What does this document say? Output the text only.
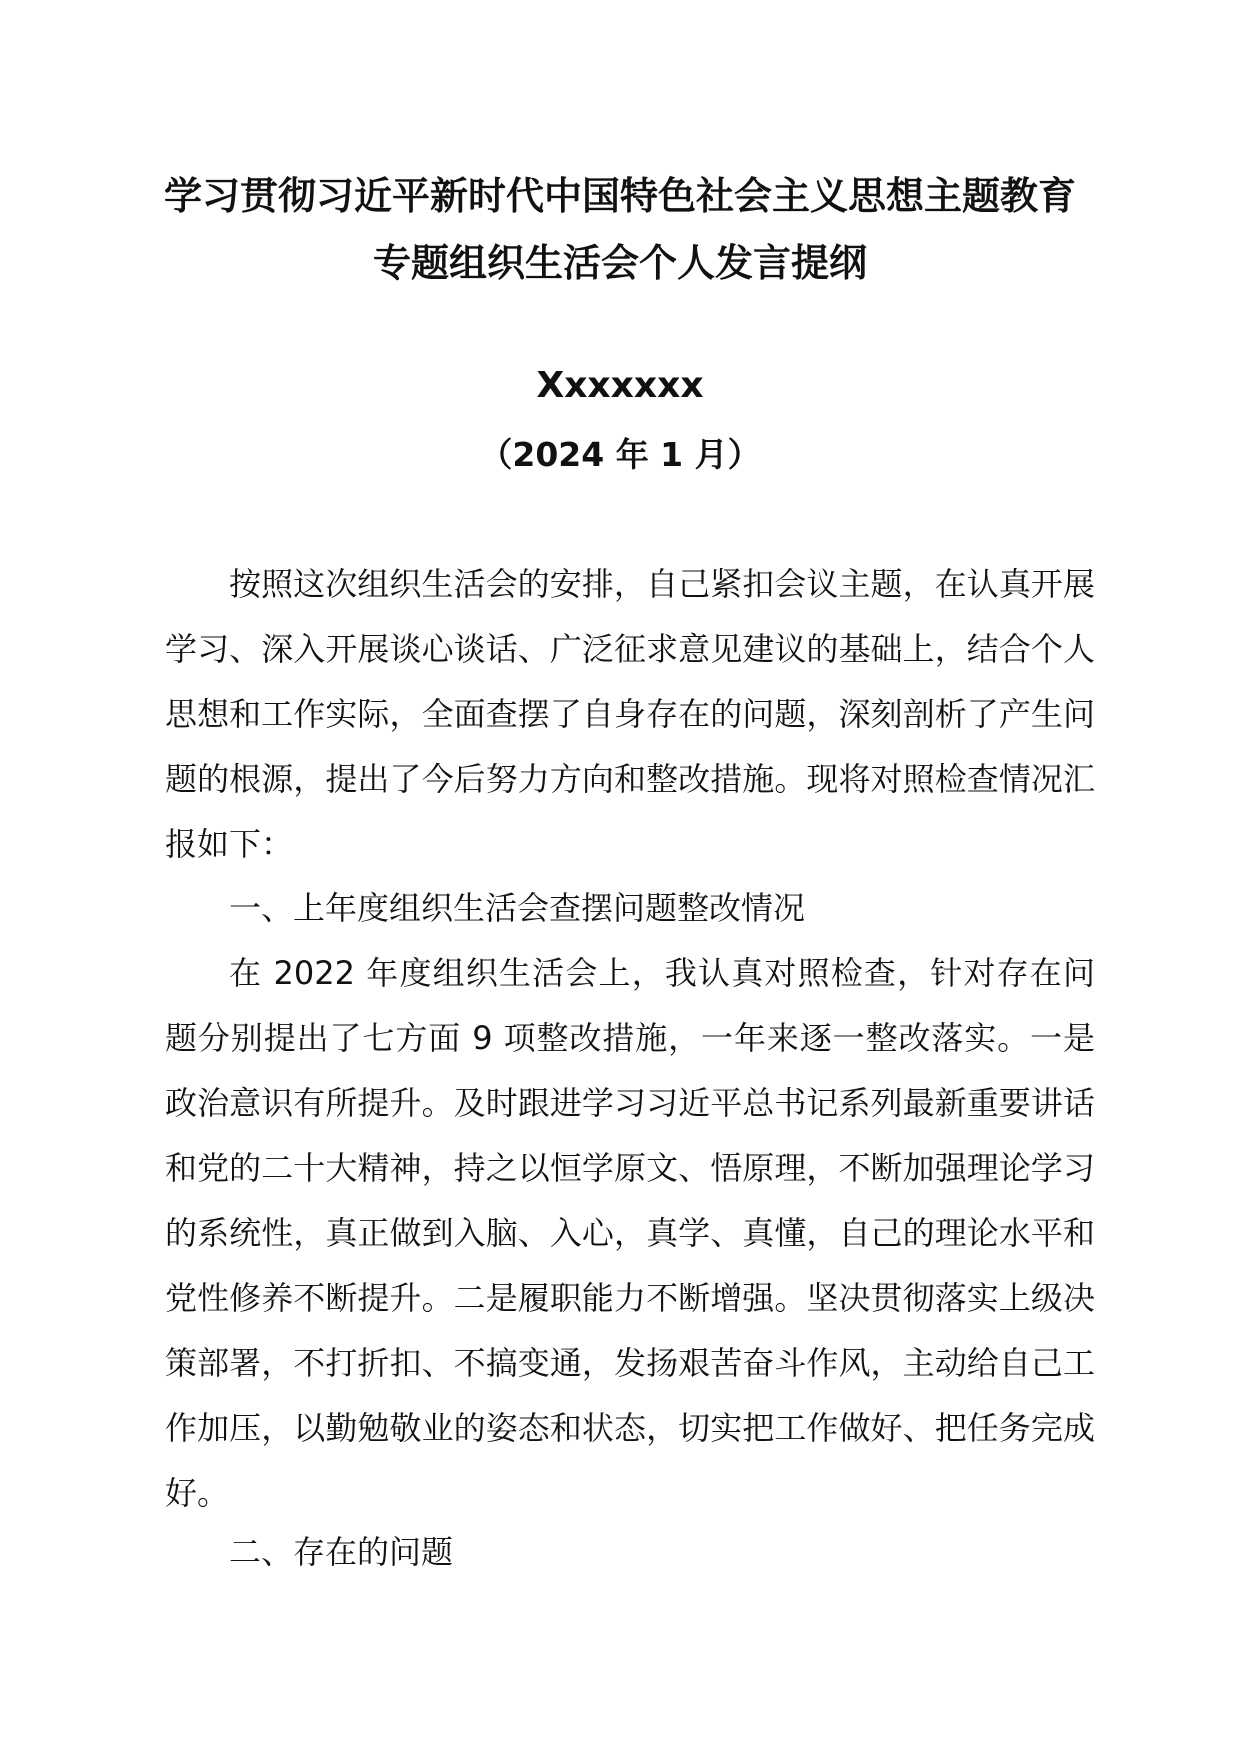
学习贯彻习近平新时代中国特色社会主义思想主题教育
专题组织生活会个人发言提纲
Xxxxxxx
（2024 年 1 月）

按照这次组织生活会的安排，自己紧扣会议主题，在认真开展学习、深入开展谈心谈话、广泛征求意见建议的基础上，结合个人思想和工作实际，全面查摆了自身存在的问题，深刻剖析了产生问题的根源，提出了今后努力方向和整改措施。现将对照检查情况汇报如下：

一、上年度组织生活会查摆问题整改情况

在 2022 年度组织生活会上，我认真对照检查，针对存在问题分别提出了七方面 9 项整改措施，一年来逐一整改落实。一是政治意识有所提升。及时跟进学习习近平总书记系列最新重要讲话和党的二十大精神，持之以恒学原文、悟原理，不断加强理论学习的系统性，真正做到入脑、入心，真学、真懂，自己的理论水平和党性修养不断提升。二是履职能力不断增强。坚决贯彻落实上级决策部署，不打折扣、不搞变通，发扬艰苦奋斗作风，主动给自己工作加压，以勤勉敬业的姿态和状态，切实把工作做好、把任务完成好。

二、存在的问题
